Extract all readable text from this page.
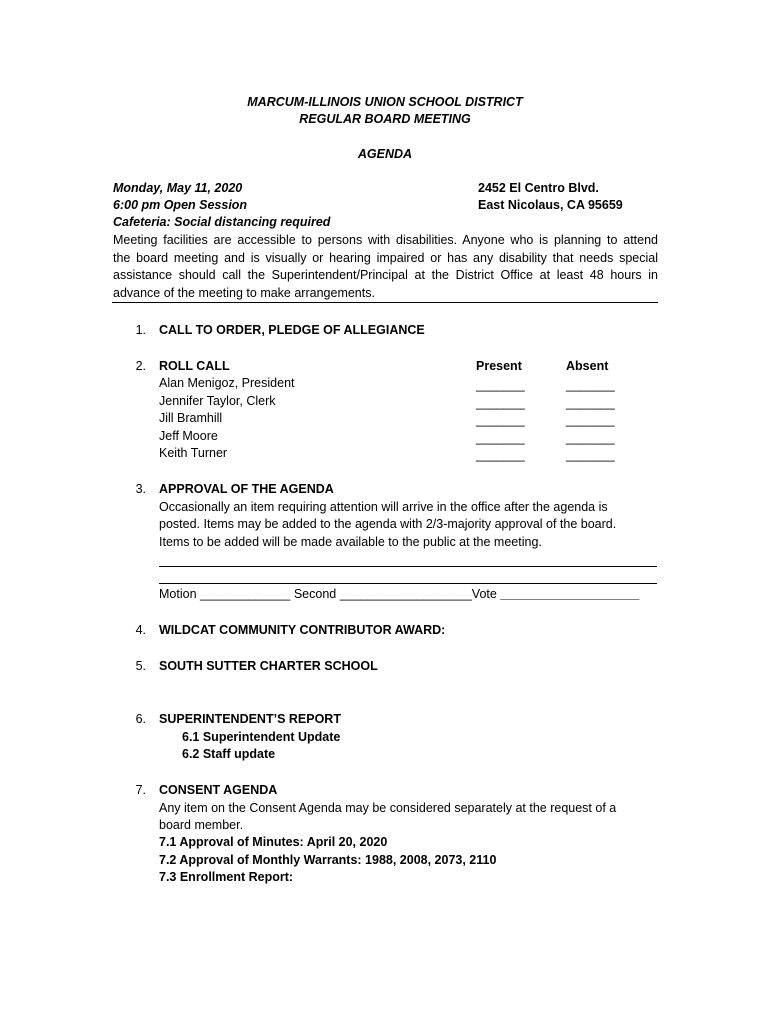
MARCUM-ILLINOIS UNION SCHOOL DISTRICT
REGULAR BOARD MEETING
AGENDA
Monday, May 11, 2020
6:00 pm Open Session
Cafeteria: Social distancing required
2452 El Centro Blvd.
East Nicolaus, CA 95659
Meeting facilities are accessible to persons with disabilities. Anyone who is planning to attend
the board meeting and is visually or hearing impaired or has any disability that needs special
assistance should call the Superintendent/Principal at the District Office at least 48 hours in
advance of the meeting to make arrangements.
1. CALL TO ORDER, PLEDGE OF ALLEGIANCE
2. ROLL CALL	Present	Absent
Alan Menigoz, President
Jennifer Taylor, Clerk
Jill Bramhill
Jeff Moore
Keith Turner
_______
_______
_______
_______
_______
_______
_______
_______
_______
_______
3. APPROVAL OF THE AGENDA
Occasionally an item requiring attention will arrive in the office after the agenda is
posted. Items may be added to the agenda with 2/3-majority approval of the board.
Items to be added will be made available to the public at the meeting.
Motion _____________ Second ___________________Vote ____________________
4. WILDCAT COMMUNITY CONTRIBUTOR AWARD:
5. SOUTH SUTTER CHARTER SCHOOL
6. SUPERINTENDENT’S REPORT
6.1 Superintendent Update
6.2 Staff update
7. CONSENT AGENDA
Any item on the Consent Agenda may be considered separately at the request of a
board member.
7.1 Approval of Minutes: April 20, 2020
7.2 Approval of Monthly Warrants: 1988, 2008, 2073, 2110
7.3 Enrollment Report:
